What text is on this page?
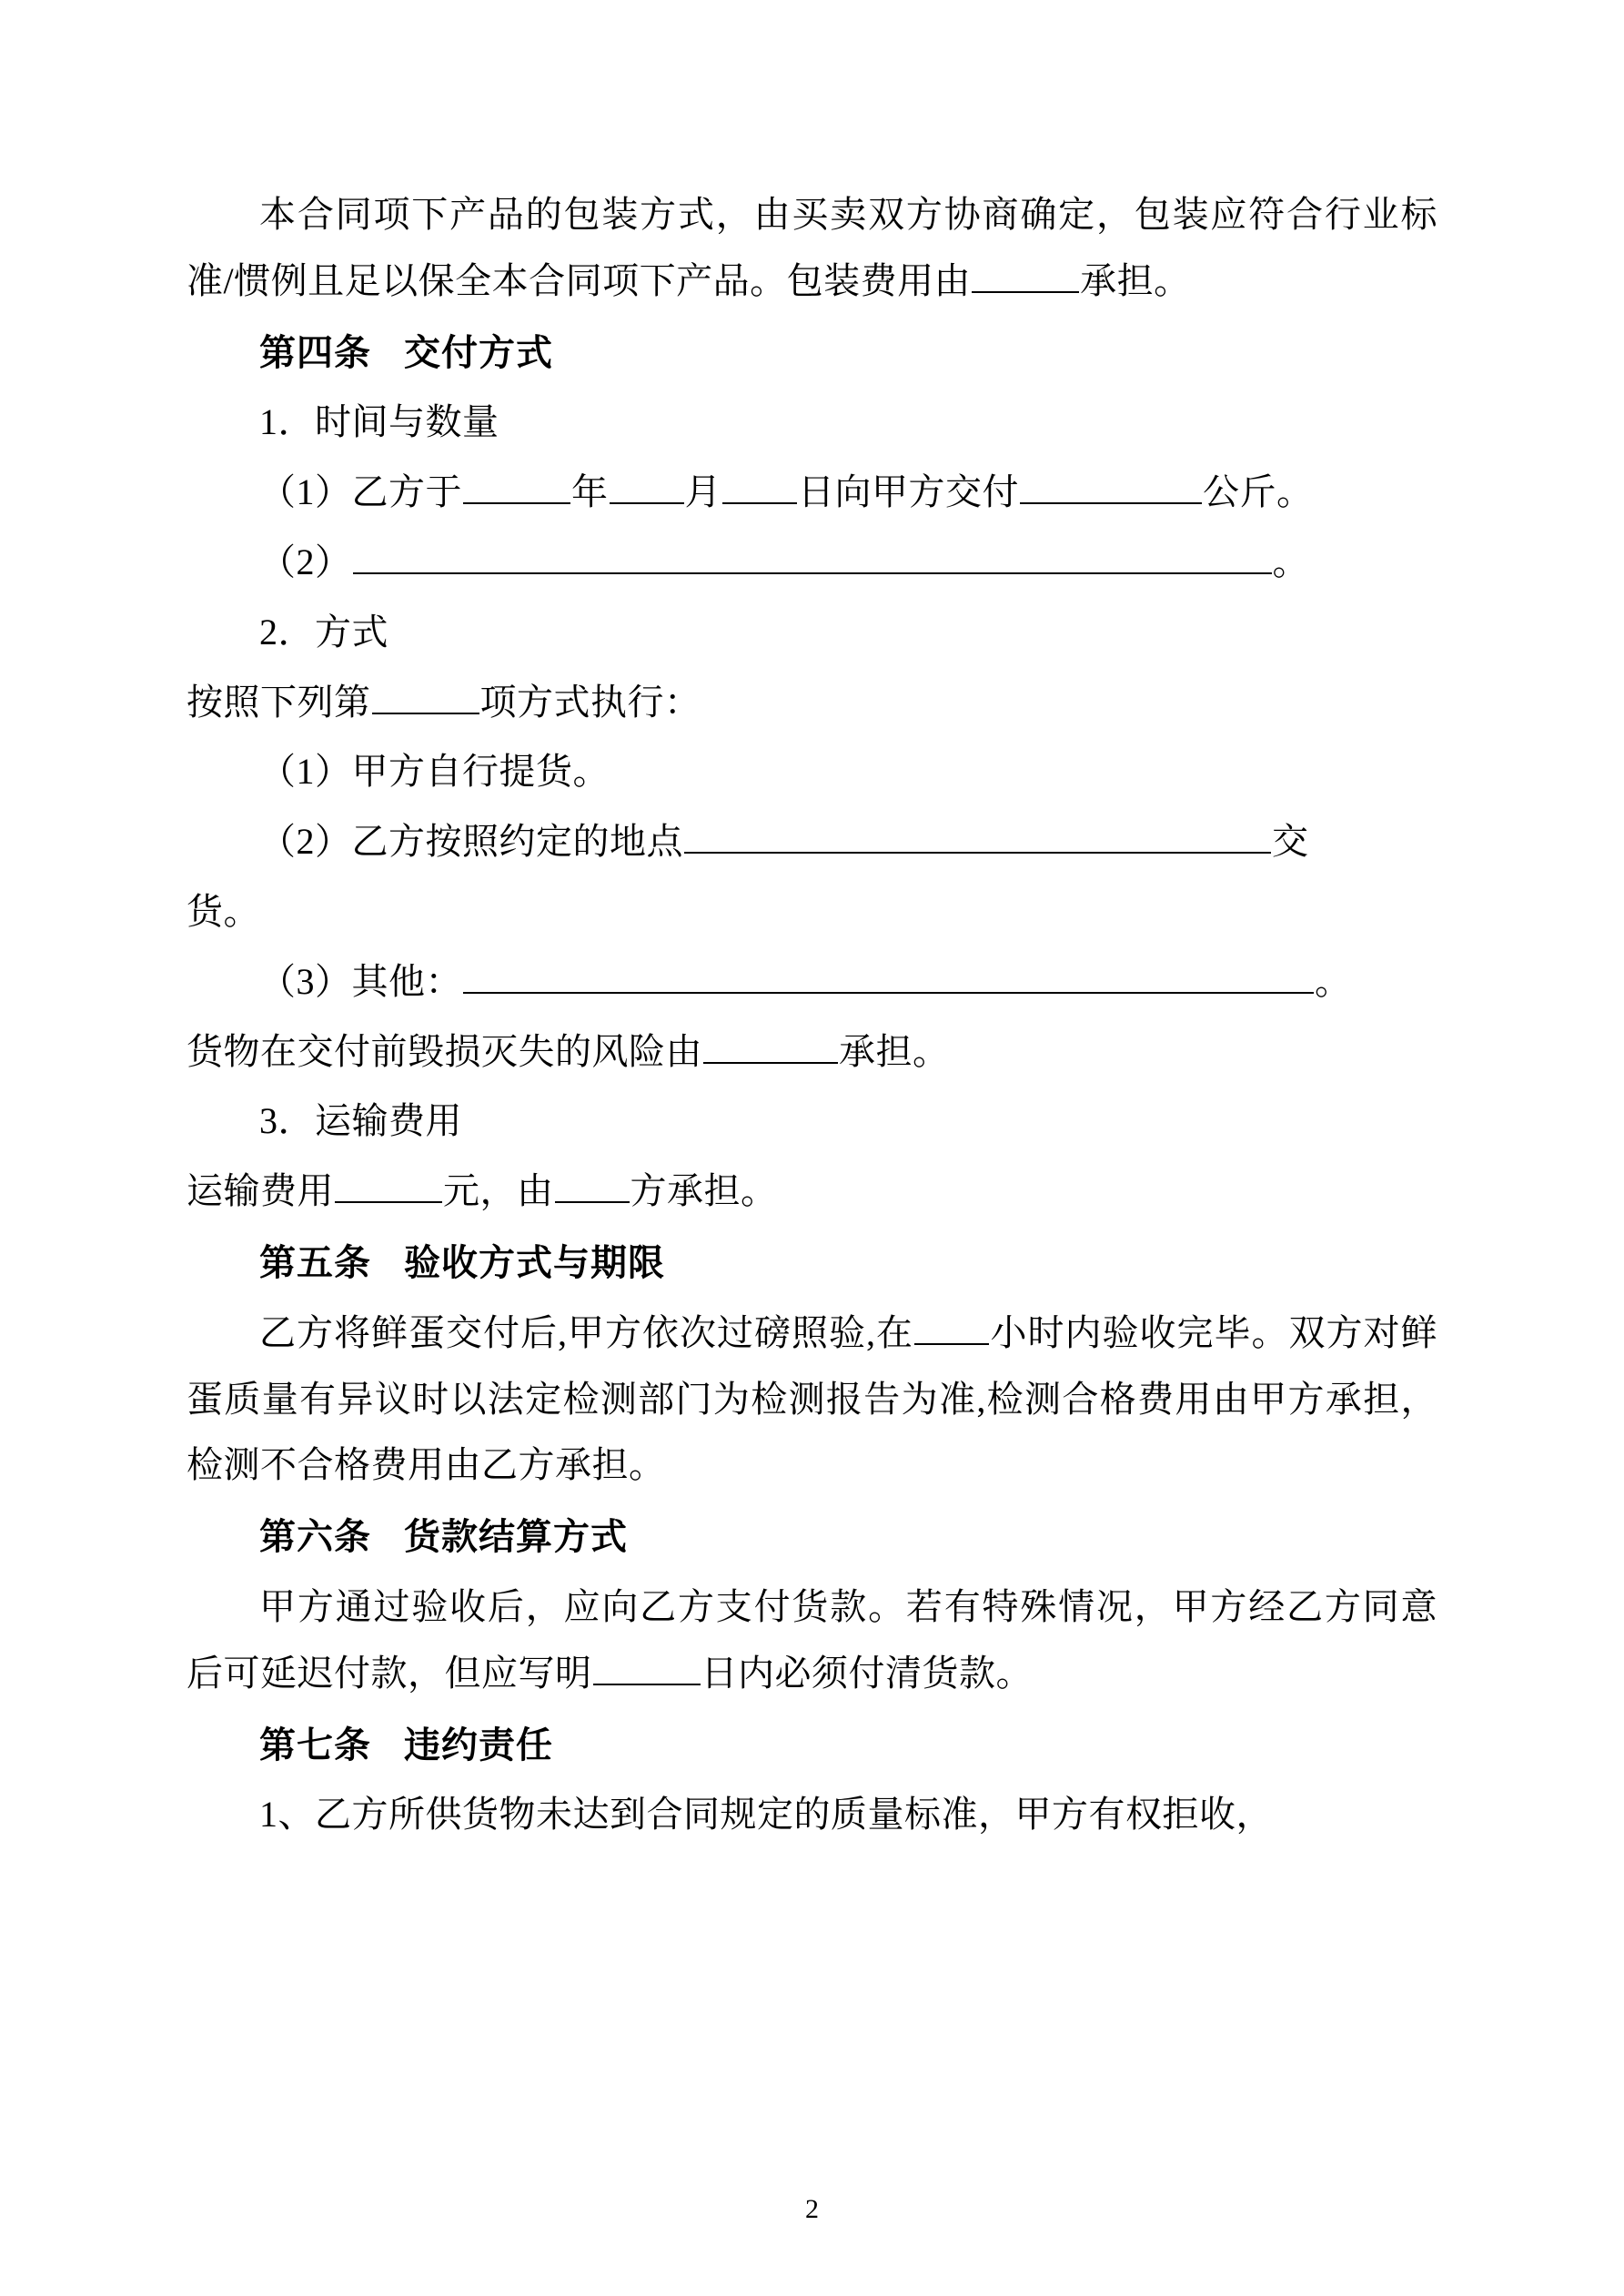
本合同项下产品的包装方式，由买卖双方协商确定，包装应符合行业标准/惯例且足以保全本合同项下产品。包装费用由	承担。

第四条 交付方式

1．时间与数量

（1）乙方于	年 月 日向甲方交付	公斤。

（2）	。

2．方式

按照下列第	项方式执行：

（1）甲方自行提货。

（2）乙方按照约定的地点	交

货。

（3）其他：	。

货物在交付前毁损灭失的风险由	承担。

3．运输费用

运输费用	元，由 方承担。

第五条 验收方式与期限

乙方将鲜蛋交付后,甲方依次过磅照验,在 小时内验收完毕。双方对鲜蛋质量有异议时以法定检测部门为检测报告为准,检测合格费用由甲方承担，检测不合格费用由乙方承担。

第六条 货款结算方式

甲方通过验收后，应向乙方支付货款。若有特殊情况，甲方经乙方同意后可延迟付款，但应写明	日内必须付清货款。

第七条 违约责任

1、乙方所供货物未达到合同规定的质量标准，甲方有权拒收，

2
